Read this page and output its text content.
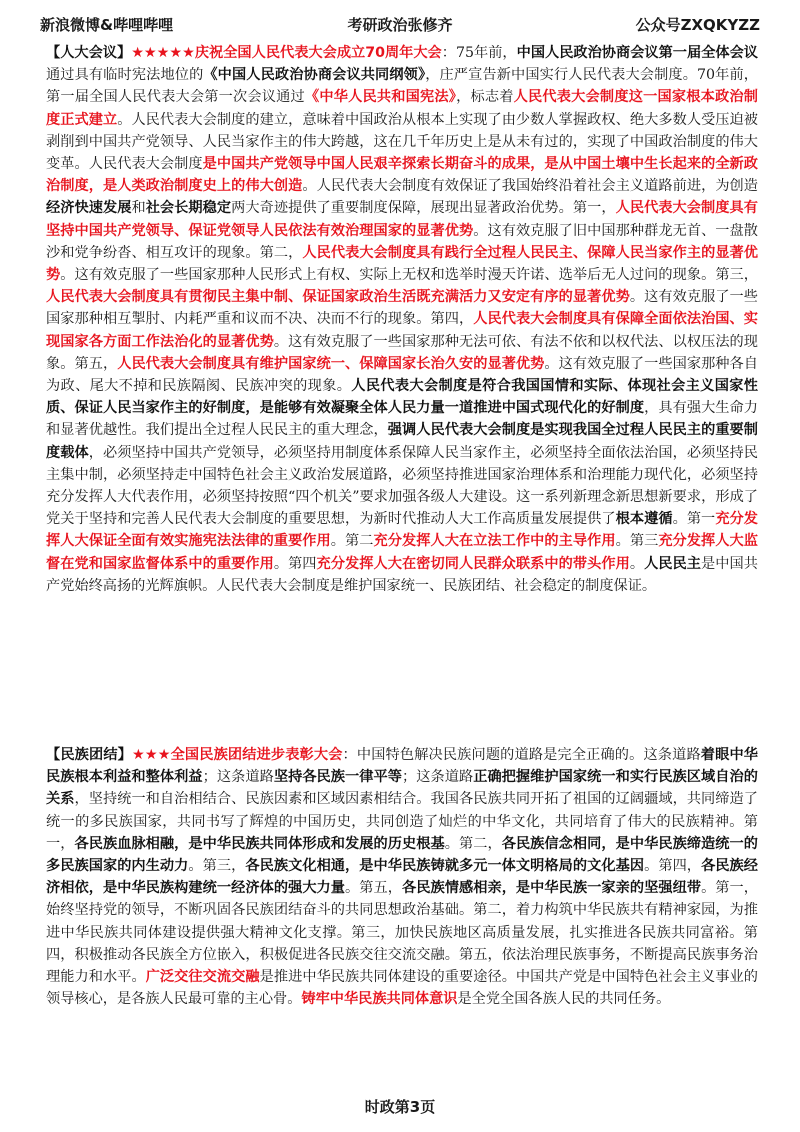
新浪微博&哔哩哔哩	考研政治张修齐	公众号ZXQKYZZ
【人大会议】★★★★★庆祝全国人民代表大会成立70周年大会：75年前，中国人民政治协商会议第一届全体会议通过具有临时宪法地位的《中国人民政治协商会议共同纲领》，庄严宣告新中国实行人民代表大会制度。70年前，第一届全国人民代表大会第一次会议通过《中华人民共和国宪法》，标志着人民代表大会制度这一国家根本政治制度正式建立。人民代表大会制度的建立，意味着中国政治从根本上实现了由少数人掌握政权、绝大多数人受压迫被剥削到中国共产党领导、人民当家作主的伟大跨越，这在几千年历史上是从未有过的，实现了中国政治制度的伟大变革。人民代表大会制度是中国共产党领导中国人民艰辛探索长期奋斗的成果，是从中国土壤中生长起来的全新政治制度，是人类政治制度史上的伟大创造。人民代表大会制度有效保证了我国始终沿着社会主义道路前进，为创造经济快速发展和社会长期稳定两大奇迹提供了重要制度保障，展现出显著政治优势。第一，人民代表大会制度具有坚持中国共产党领导、保证党领导人民依法有效治理国家的显著优势。这有效克服了旧中国那种群龙无首、一盘散沙和党争纷沓、相互攻讦的现象。第二，人民代表大会制度具有践行全过程人民民主、保障人民当家作主的显著优势。这有效克服了一些国家那种人民形式上有权、实际上无权和选举时漫天许诺、选举后无人过问的现象。第三，人民代表大会制度具有贯彻民主集中制、保证国家政治生活既充满活力又安定有序的显著优势。这有效克服了一些国家那种相互掣肘、内耗严重和议而不决、决而不行的现象。第四，人民代表大会制度具有保障全面依法治国、实现国家各方面工作法治化的显著优势。这有效克服了一些国家那种无法可依、有法不依和以权代法、以权压法的现象。第五，人民代表大会制度具有维护国家统一、保障国家长治久安的显著优势。这有效克服了一些国家那种各自为政、尾大不掉和民族隔阂、民族冲突的现象。人民代表大会制度是符合我国国情和实际、体现社会主义国家性质、保证人民当家作主的好制度，是能够有效凝聚全体人民力量一道推进中国式现代化的好制度，具有强大生命力和显著优越性。我们提出全过程人民民主的重大理念，强调人民代表大会制度是实现我国全过程人民民主的重要制度载体，必须坚持中国共产党领导，必须坚持用制度体系保障人民当家作主，必须坚持全面依法治国，必须坚持民主集中制，必须坚持走中国特色社会主义政治发展道路，必须坚持推进国家治理体系和治理能力现代化，必须坚持充分发挥人大代表作用，必须坚持按照“四个机关”要求加强各级人大建设。这一系列新理念新思想新要求，形成了党关于坚持和完善人民代表大会制度的重要思想，为新时代推动人大工作高质量发展提供了根本遵循。第一充分发挥人大保证全面有效实施宪法法律的重要作用。第二充分发挥人大在立法工作中的主导作用。第三充分发挥人大监督在党和国家监督体系中的重要作用。第四充分发挥人大在密切同人民群众联系中的带头作用。人民民主是中国共产党始终高扬的光辉旗帜。人民代表大会制度是维护国家统一、民族团结、社会稳定的制度保证。
【民族团结】★★★全国民族团结进步表彰大会：中国特色解决民族问题的道路是完全正确的。这条道路着眼中华民族根本利益和整体利益；这条道路坚持各民族一律平等；这条道路正确把握维护国家统一和实行民族区域自治的关系，坚持统一和自治相结合、民族因素和区域因素相结合。我国各民族共同开拓了祖国的辽阔疆域，共同缔造了统一的多民族国家，共同书写了辉煌的中国历史，共同创造了灿烂的中华文化，共同培育了伟大的民族精神。第一，各民族血脉相融，是中华民族共同体形成和发展的历史根基。第二，各民族信念相同，是中华民族缔造统一的多民族国家的内生动力。第三，各民族文化相通，是中华民族铸就多元一体文明格局的文化基因。第四，各民族经济相依，是中华民族构建统一经济体的强大力量。第五，各民族情感相亲，是中华民族一家亲的坚强纽带。第一，始终坚持党的领导，不断巩固各民族团结奋斗的共同思想政治基础。第二，着力构筑中华民族共有精神家园，为推进中华民族共同体建设提供强大精神文化支撑。第三，加快民族地区高质量发展，扎实推进各民族共同富裕。第四，积极推动各民族全方位嵌入，积极促进各民族交往交流交融。第五，依法治理民族事务，不断提高民族事务治理能力和水平。广泛交往交流交融是推进中华民族共同体建设的重要途径。中国共产党是中国特色社会主义事业的领导核心，是各族人民最可靠的主心骨。铸牢中华民族共同体意识是全党全国各族人民的共同任务。
时政第3页
